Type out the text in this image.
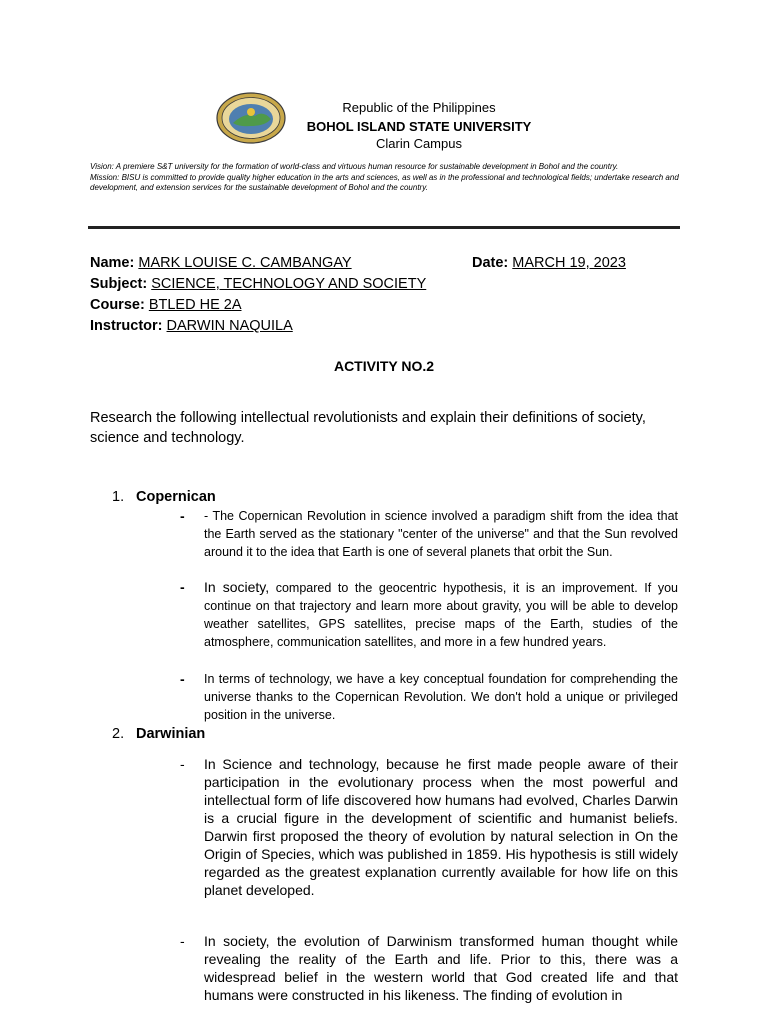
Republic of the Philippines
BOHOL ISLAND STATE UNIVERSITY
Clarin Campus
Vision: A premiere S&T university for the formation of world-class and virtuous human resource for sustainable development in Bohol and the country.
Mission: BISU is committed to provide quality higher education in the arts and sciences, as well as in the professional and technological fields; undertake research and development, and extension services for the sustainable development of Bohol and the country.
Name: MARK LOUISE C. CAMBANGAY	Date: MARCH 19, 2023
Subject: SCIENCE, TECHNOLOGY AND SOCIETY
Course: BTLED HE 2A
Instructor: DARWIN NAQUILA
ACTIVITY NO.2
Research the following intellectual revolutionists and explain their definitions of society, science and technology.
1. Copernican
- - The Copernican Revolution in science involved a paradigm shift from the idea that the Earth served as the stationary "center of the universe" and that the Sun revolved around it to the idea that Earth is one of several planets that orbit the Sun.
- In society, compared to the geocentric hypothesis, it is an improvement. If you continue on that trajectory and learn more about gravity, you will be able to develop weather satellites, GPS satellites, precise maps of the Earth, studies of the atmosphere, communication satellites, and more in a few hundred years.
- In terms of technology, we have a key conceptual foundation for comprehending the universe thanks to the Copernican Revolution. We don't hold a unique or privileged position in the universe.
2. Darwinian
- In Science and technology, because he first made people aware of their participation in the evolutionary process when the most powerful and intellectual form of life discovered how humans had evolved, Charles Darwin is a crucial figure in the development of scientific and humanist beliefs. Darwin first proposed the theory of evolution by natural selection in On the Origin of Species, which was published in 1859. His hypothesis is still widely regarded as the greatest explanation currently available for how life on this planet developed.
- In society, the evolution of Darwinism transformed human thought while revealing the reality of the Earth and life. Prior to this, there was a widespread belief in the western world that God created life and that humans were constructed in his likeness. The finding of evolution in
